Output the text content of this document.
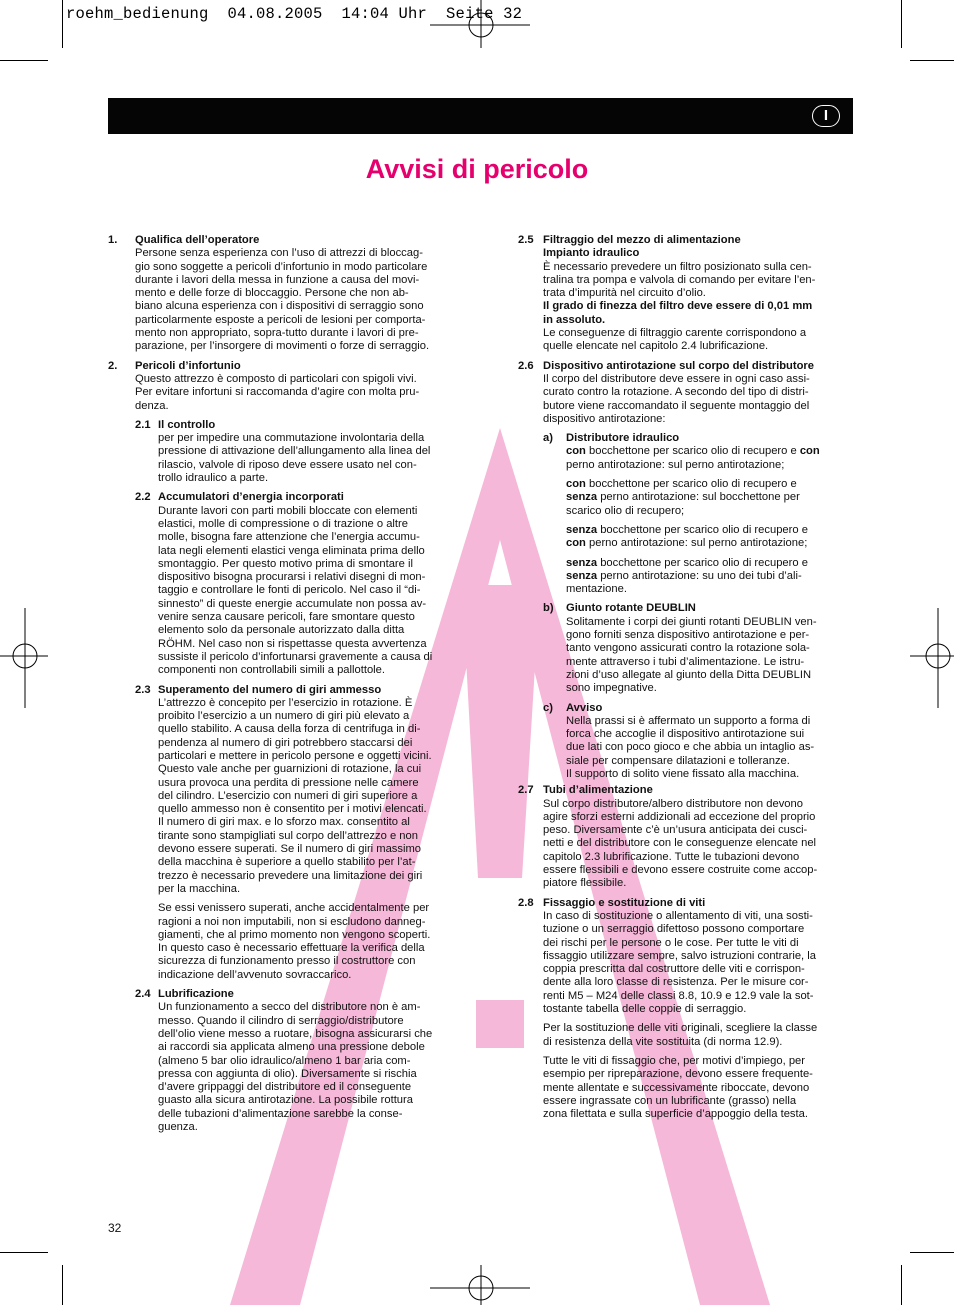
roehm_bedienung  04.08.2005  14:04 Uhr  Seite 32
I
Avvisi di pericolo
1. Qualifica dell’operatore
Persone senza esperienza con l’uso di attrezzi di bloccag-
gio sono soggette a pericoli d’infortunio in modo particolare
durante i lavori della messa in funzione a causa del movi-
mento e delle forze di bloccaggio. Persone che non ab-
biano alcuna esperienza con i dispositivi di serraggio sono
particolarmente esposte a pericoli de lesioni per comporta-
mento non appropriato, sopra-tutto durante i lavori di pre-
parazione, per l’insorgere di movimenti o forze di serraggio.
2. Pericoli d’infortunio
Questo attrezzo è composto di particolari con spigoli vivi.
Per evitare infortuni si raccomanda d’agire con molta pru-
denza.
2.1 Il controllo
per per impedire una commutazione involontaria della
pressione di attivazione dell’allungamento alla linea del
rilascio, valvole di riposo deve essere usato nel con-
trollo idraulico a parte.
2.2 Accumulatori d’energia incorporati
Durante lavori con parti mobili bloccate con elementi
elastici, molle di compressione o di trazione o altre
molle, bisogna fare attenzione che l’energia accumu-
lata negli elementi elastici venga eliminata prima dello
smontaggio. Per questo motivo prima di smontare il
dispositivo bisogna procurarsi i relativi disegni di mon-
taggio e controllare le fonti di pericolo. Nel caso il “di-
sinnesto” di queste energie accumulate non possa av-
venire senza causare pericoli, fare smontare questo
elemento solo da personale autorizzato dalla ditta
RÖHM. Nel caso non si rispettasse questa avvertenza
sussiste il pericolo d’infortunarsi gravemente a causa di
componenti non controllabili simili a pallottole.
2.3 Superamento del numero di giri ammesso
L’attrezzo è concepito per l’esercizio in rotazione. È
proibito l’esercizio a un numero di giri più elevato a
quello stabilito. A causa della forza di centrifuga in di-
pendenza al numero di giri potrebbero staccarsi dei
particolari e mettere in pericolo persone e oggetti vicini.
Questo vale anche per guarnizioni di rotazione, la cui
usura provoca una perdita di pressione nelle camere
del cilindro. L’esercizio con numeri di giri superiore a
quello ammesso non è consentito per i motivi elencati.
Il numero di giri max. e lo sforzo max. consentito al
tirante sono stampigliati sul corpo dell’attrezzo e non
devono essere superati. Se il numero di giri massimo
della macchina è superiore a quello stabilito per l’at-
trezzo è necessario prevedere una limitazione dei giri
per la macchina.
Se essi venissero superati, anche accidentalmente per
ragioni a noi non imputabili, non si escludono danneg-
giamenti, che al primo momento non vengono scoperti.
In questo caso è necessario effettuare la verifica della
sicurezza di funzionamento presso il costruttore con
indicazione dell’avvenuto sovraccarico.
2.4 Lubrificazione
Un funzionamento a secco del distributore non è am-
messo. Quando il cilindro di serraggio/distributore
dell’olio viene messo a ruotare, bisogna assicurarsi che
ai raccordi sia applicata almeno una pressione debole
(almeno 5 bar olio idraulico/almeno 1 bar aria com-
pressa con aggiunta di olio). Diversamente si rischia
d’avere grippaggi del distributore ed il conseguente
guasto alla sicura antirotazione. La possibile rottura
delle tubazioni d’alimentazione sarebbe la conse-
guenza.
2.5 Filtraggio del mezzo di alimentazione
Impianto idraulico
È necessario prevedere un filtro posizionato sulla cen-
tralina tra pompa e valvola di comando per evitare l’en-
trata d’impurità nel circuito d’olio.
Il grado di finezza del filtro deve essere di 0,01 mm
in assoluto.
Le conseguenze di filtraggio carente corrispondono a
quelle elencate nel capitolo 2.4 lubrificazione.
2.6 Dispositivo antirotazione sul corpo del distributore
Il corpo del distributore deve essere in ogni caso assi-
curato contro la rotazione. A secondo del tipo di distri-
butore viene raccomandato il seguente montaggio del
dispositivo antirotazione:
a) Distributore idraulico
con bocchettone per scarico olio di recupero e con
perno antirotazione: sul perno antirotazione;
con bocchettone per scarico olio di recupero e
senza perno antirotazione: sul bocchettone per
scarico olio di recupero;
senza bocchettone per scarico olio di recupero e
con perno antirotazione: sul perno antirotazione;
senza bocchettone per scarico olio di recupero e
senza perno antirotazione: su uno dei tubi d’ali-
mentazione.
b) Giunto rotante DEUBLIN
Solitamente i corpi dei giunti rotanti DEUBLIN ven-
gono forniti senza dispositivo antirotazione e per-
tanto vengono assicurati contro la rotazione sola-
mente attraverso i tubi d’alimentazione. Le istru-
zioni d’uso allegate al giunto della Ditta DEUBLIN
sono impegnative.
c) Avviso
Nella prassi si è affermato un supporto a forma di
forca che accoglie il dispositivo antirotazione sui
due lati con poco gioco e che abbia un intaglio as-
siale per compensare dilatazioni e tolleranze.
Il supporto di solito viene fissato alla macchina.
2.7 Tubi d’alimentazione
Sul corpo distributore/albero distributore non devono
agire sforzi esterni addizionali ad eccezione del proprio
peso. Diversamente c’è un’usura anticipata dei cusci-
netti e del distributore con le conseguenze elencate nel
capitolo 2.3 lubrificazione. Tutte le tubazioni devono
essere flessibili e devono essere costruite come accop-
piatore flessibile.
2.8 Fissaggio e sostituzione di viti
In caso di sostituzione o allentamento di viti, una sosti-
tuzione o un serraggio difettoso possono comportare
dei rischi per le persone o le cose. Per tutte le viti di
fissaggio utilizzare sempre, salvo istruzioni contrarie, la
coppia prescritta dal costruttore delle viti e corrispon-
dente alla loro classe di resistenza. Per le misure cor-
renti M5 – M24 delle classi 8.8, 10.9 e 12.9 vale la sot-
tostante tabella delle coppie di serraggio.
Per la sostituzione delle viti originali, scegliere la classe
di resistenza della vite sostituita (di norma 12.9).
Tutte le viti di fissaggio che, per motivi d’impiego, per
esempio per ripreparazione, devono essere frequente-
mente allentate e successivamente riboccate, devono
essere ingrassate con un lubrificante (grasso) nella
zona filettata e sulla superficie d’appoggio della testa.
32
